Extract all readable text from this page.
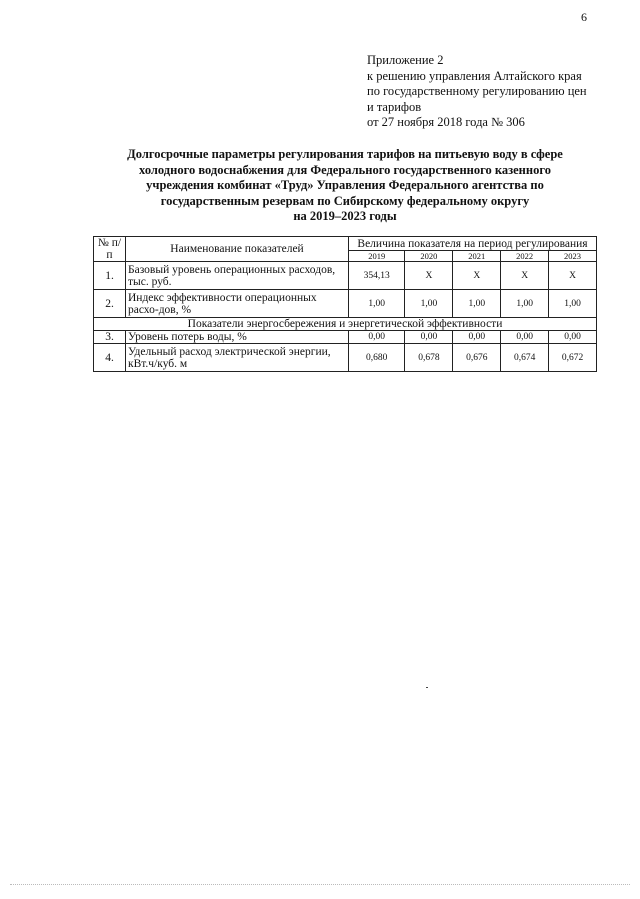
6
Приложение 2
к решению управления Алтайского края
по государственному регулированию цен
и тарифов
от 27 ноября 2018 года № 306
Долгосрочные параметры регулирования тарифов на питьевую воду в сфере
холодного водоснабжения для Федерального государственного казенного
учреждения комбинат «Труд» Управления Федерального агентства по
государственным резервам по Сибирскому федеральному округу
на 2019–2023 годы
№ п/п	Наименование показателей	Величина показателя на период регулирования				
		2019	2020	2021	2022	2023
1.	Базовый уровень операционных расходов, тыс. руб.	354,13	Х	Х	Х	Х
2.	Индекс эффективности операционных расхо-дов, %	1,00	1,00	1,00	1,00	1,00
Показатели энергосбережения и энергетической эффективности						
3.	Уровень потерь воды, %	0,00	0,00	0,00	0,00	0,00
4.	Удельный расход электрической энергии, кВт.ч/куб. м	0,680	0,678	0,676	0,674	0,672
